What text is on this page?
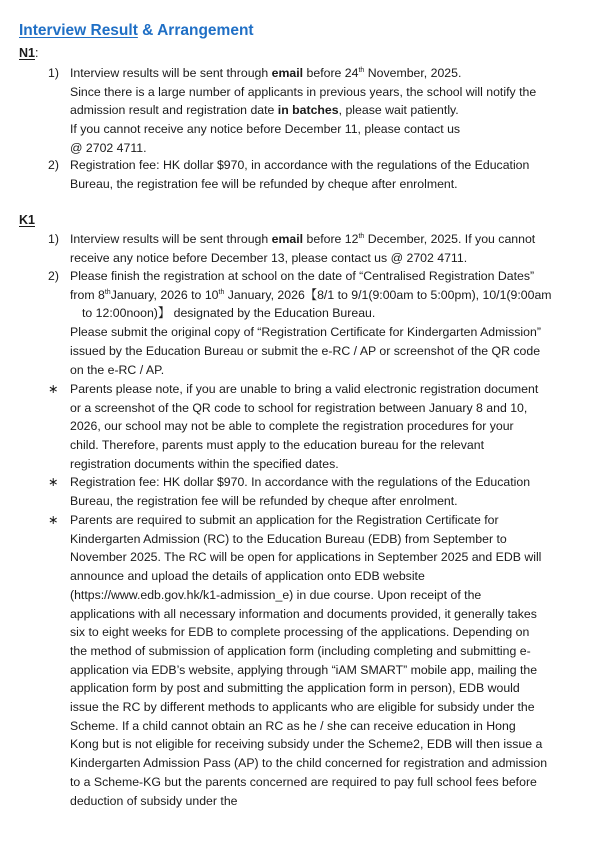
Interview Result & Arrangement
N1:
1) Interview results will be sent through email before 24th November, 2025.
Since there is a large number of applicants in previous years, the school will notify the
admission result and registration date in batches, please wait patiently.
If you cannot receive any notice before December 11, please contact us
@ 2702 4711.
2) Registration fee: HK dollar $970, in accordance with the regulations of the Education
Bureau, the registration fee will be refunded by cheque after enrolment.
K1
1) Interview results will be sent through email before 12th December, 2025. If you cannot
receive any notice before December 13, please contact us @ 2702 4711.
2) Please finish the registration at school on the date of “Centralised Registration Dates”
from 8thJanuary, 2026 to 10th January, 2026【8/1 to 9/1(9:00am to 5:00pm), 10/1(9:00am
to 12:00noon)】 designated by the Education Bureau.
Please submit the original copy of “Registration Certificate for Kindergarten Admission”
issued by the Education Bureau or submit the e-RC / AP or screenshot of the QR code
on the e-RC / AP.
∗ Parents please note, if you are unable to bring a valid electronic registration document
or a screenshot of the QR code to school for registration between January 8 and 10,
2026, our school may not be able to complete the registration procedures for your
child. Therefore, parents must apply to the education bureau for the relevant
registration documents within the specified dates.
∗ Registration fee: HK dollar $970. In accordance with the regulations of the Education
Bureau, the registration fee will be refunded by cheque after enrolment.
∗ Parents are required to submit an application for the Registration Certificate for
Kindergarten Admission (RC) to the Education Bureau (EDB) from September to
November 2025. The RC will be open for applications in September 2025 and EDB will
announce and upload the details of application onto EDB website
(https://www.edb.gov.hk/k1-admission_e) in due course. Upon receipt of the
applications with all necessary information and documents provided, it generally takes
six to eight weeks for EDB to complete processing of the applications. Depending on
the method of submission of application form (including completing and submitting e-
application via EDB’s website, applying through “iAM SMART” mobile app, mailing the
application form by post and submitting the application form in person), EDB would
issue the RC by different methods to applicants who are eligible for subsidy under the
Scheme. If a child cannot obtain an RC as he / she can receive education in Hong
Kong but is not eligible for receiving subsidy under the Scheme2, EDB will then issue a
Kindergarten Admission Pass (AP) to the child concerned for registration and admission
to a Scheme-KG but the parents concerned are required to pay full school fees before
deduction of subsidy under the
